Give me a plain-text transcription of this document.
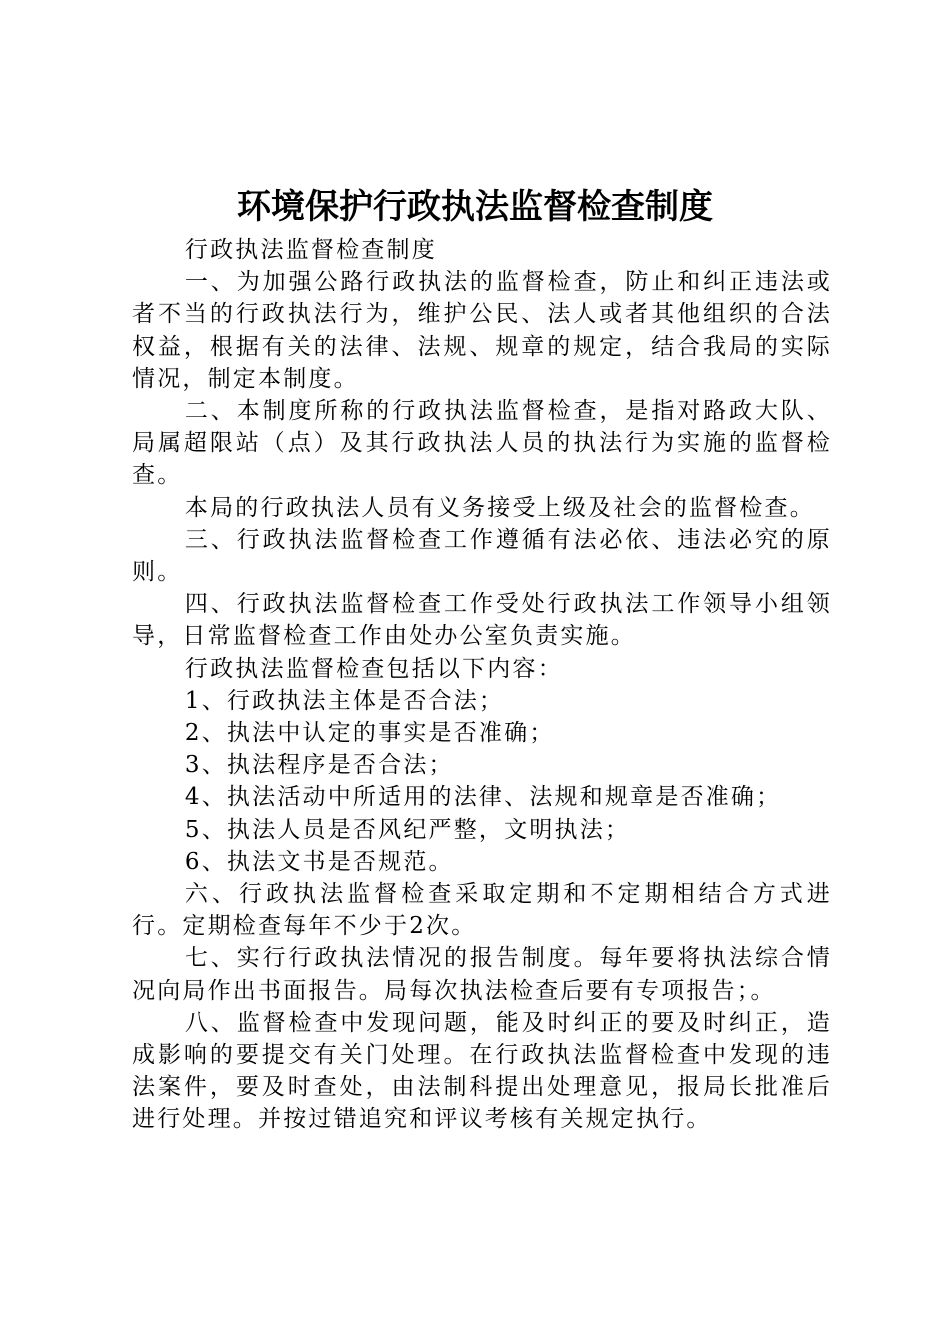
环境保护行政执法监督检查制度

行政执法监督检查制度

一、为加强公路行政执法的监督检查，防止和纠正违法或者不当的行政执法行为，维护公民、法人或者其他组织的合法权益，根据有关的法律、法规、规章的规定，结合我局的实际情况，制定本制度。

二、本制度所称的行政执法监督检查，是指对路政大队、局属超限站（点）及其行政执法人员的执法行为实施的监督检查。

本局的行政执法人员有义务接受上级及社会的监督检查。

三、行政执法监督检查工作遵循有法必依、违法必究的原则。

四、行政执法监督检查工作受处行政执法工作领导小组领导，日常监督检查工作由处办公室负责实施。

行政执法监督检查包括以下内容：

1、行政执法主体是否合法；

2、执法中认定的事实是否准确；

3、执法程序是否合法；

4、执法活动中所适用的法律、法规和规章是否准确；

5、执法人员是否风纪严整，文明执法；

6、执法文书是否规范。

六、行政执法监督检查采取定期和不定期相结合方式进行。定期检查每年不少于2次。

七、实行行政执法情况的报告制度。每年要将执法综合情况向局作出书面报告。局每次执法检查后要有专项报告；。

八、监督检查中发现问题，能及时纠正的要及时纠正，造成影响的要提交有关门处理。在行政执法监督检查中发现的违法案件，要及时查处，由法制科提出处理意见，报局长批准后进行处理。并按过错追究和评议考核有关规定执行。
